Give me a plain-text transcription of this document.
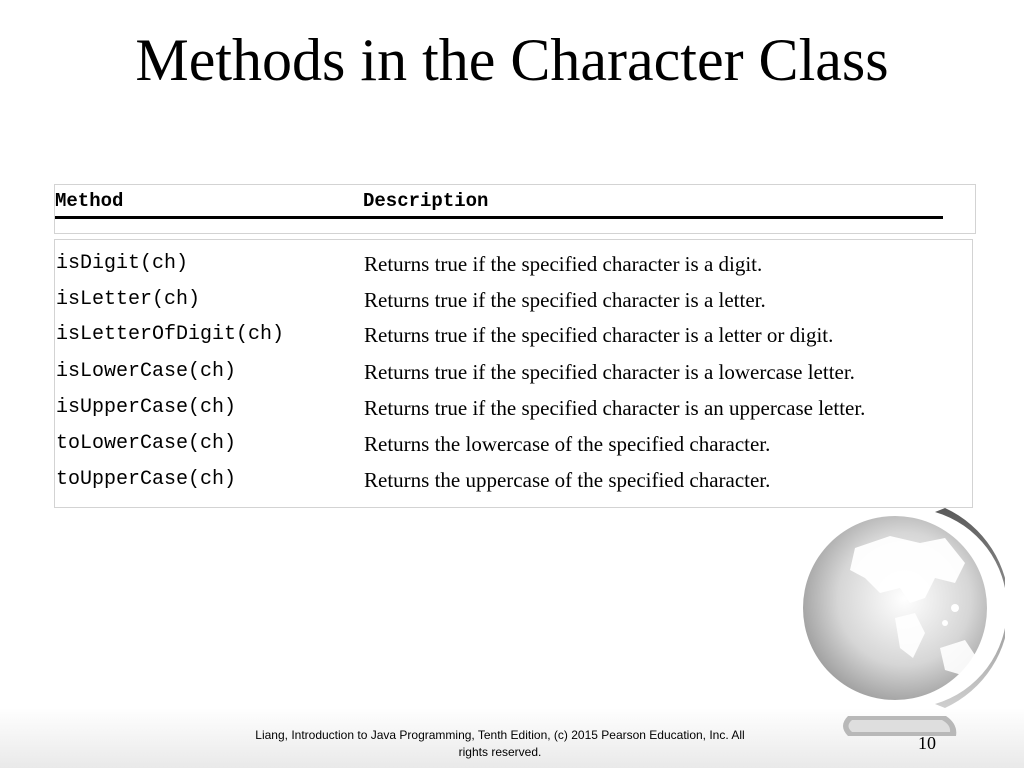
Methods in the Character Class
Method	Description
isDigit(ch)	Returns true if the specified character is a digit.
isLetter(ch)	Returns true if the specified character is a letter.
isLetterOfDigit(ch)	Returns true if the specified character is a letter or digit.
isLowerCase(ch)	Returns true if the specified character is a lowercase letter.
isUpperCase(ch)	Returns true if the specified character is an uppercase letter.
toLowerCase(ch)	Returns the lowercase of the specified character.
toUpperCase(ch)	Returns the uppercase of the specified character.
10
Liang, Introduction to Java Programming, Tenth Edition, (c) 2015 Pearson Education, Inc. All
rights reserved.
